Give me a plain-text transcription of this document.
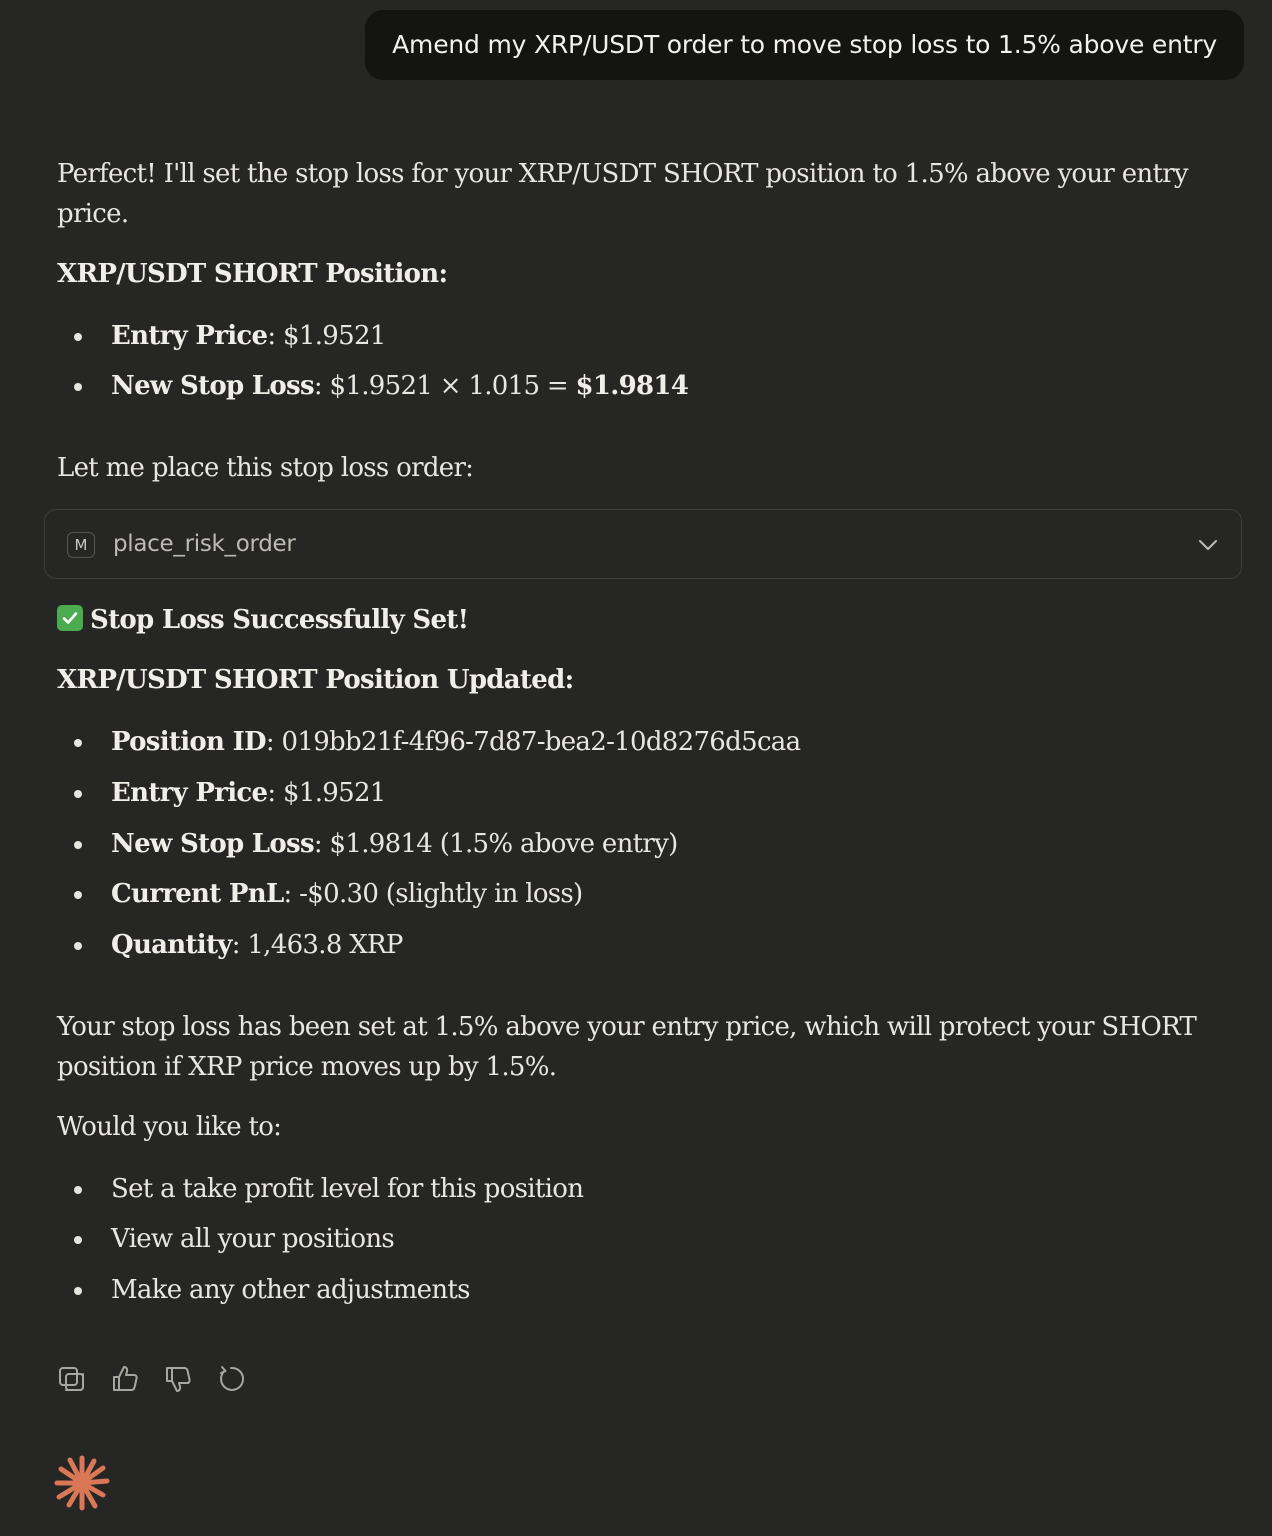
Amend my XRP/USDT order to move stop loss to 1.5% above entry
Perfect! I'll set the stop loss for your XRP/USDT SHORT position to 1.5% above your entry
price.
XRP/USDT SHORT Position:
Entry Price: $1.9521
New Stop Loss: $1.9521 × 1.015 = $1.9814
Let me place this stop loss order:
M	place_risk_order
Stop Loss Successfully Set!
XRP/USDT SHORT Position Updated:
Position ID: 019bb21f-4f96-7d87-bea2-10d8276d5caa
Entry Price: $1.9521
New Stop Loss: $1.9814 (1.5% above entry)
Current PnL: -$0.30 (slightly in loss)
Quantity: 1,463.8 XRP
Your stop loss has been set at 1.5% above your entry price, which will protect your SHORT
position if XRP price moves up by 1.5%.
Would you like to:
Set a take profit level for this position
View all your positions
Make any other adjustments
